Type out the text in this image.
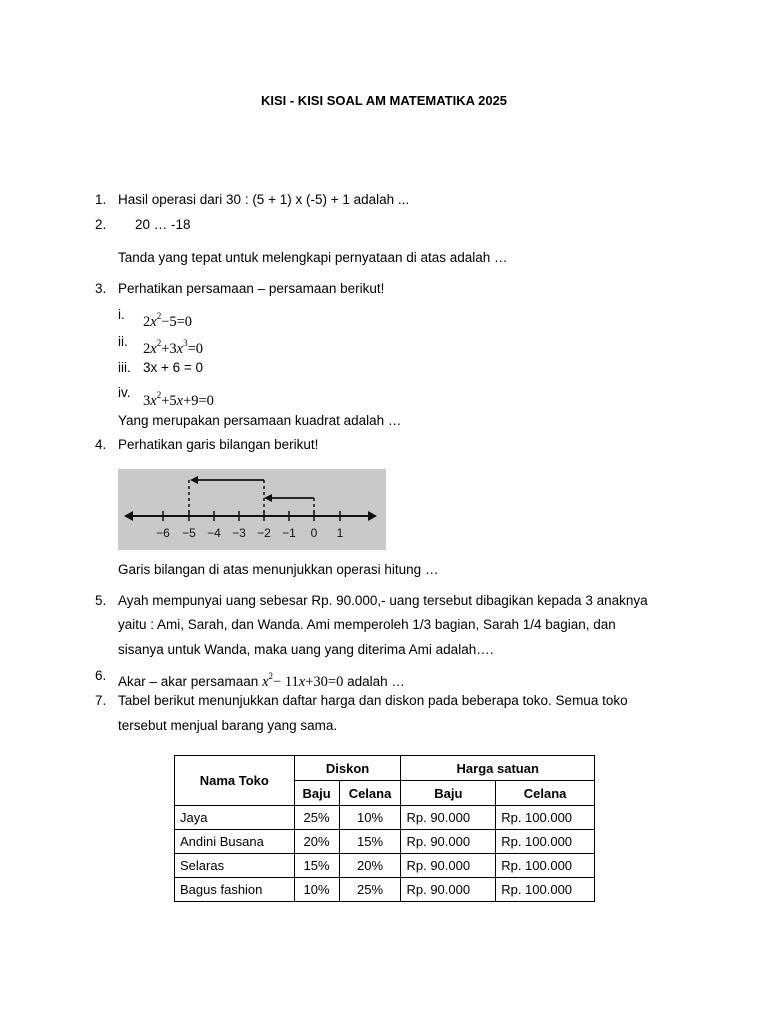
KISI - KISI SOAL AM MATEMATIKA 2025
1. Hasil operasi dari 30 : (5 + 1) x (-5) + 1 adalah ...
2. 20 … -18
Tanda yang tepat untuk melengkapi pernyataan di atas adalah …
3. Perhatikan persamaan – persamaan berikut!
i. $2x^2-5=0$
ii. $2x^2+3x^3=0$
iii. 3x + 6 = 0
iv.
$3x^2+5x+9=0$
Yang merupakan persamaan kuadrat adalah …
4. Perhatikan garis bilangan berikut!
−6 −5 −4 −3 −2 −1 0 1
Garis bilangan di atas menunjukkan operasi hitung …
5. Ayah mempunyai uang sebesar Rp. 90.000,- uang tersebut dibagikan kepada 3 anaknya
yaitu : Ami, Sarah, dan Wanda. Ami memperoleh 1/3 bagian, Sarah 1/4 bagian, dan
sisanya untuk Wanda, maka uang yang diterima Ami adalah….
6. Akar – akar persamaan $x^2- 11x+30=0$ adalah …
7. Tabel berikut menunjukkan daftar harga dan diskon pada beberapa toko. Semua toko
tersebut menjual barang yang sama.
Nama Toko	Diskon		Harga satuan	
	Baju	Celana	Baju	Celana
Jaya	25%	10%	Rp. 90.000	Rp. 100.000
Andini Busana	20%	15%	Rp. 90.000	Rp. 100.000
Selaras	15%	20%	Rp. 90.000	Rp. 100.000
Bagus fashion	10%	25%	Rp. 90.000	Rp. 100.000
